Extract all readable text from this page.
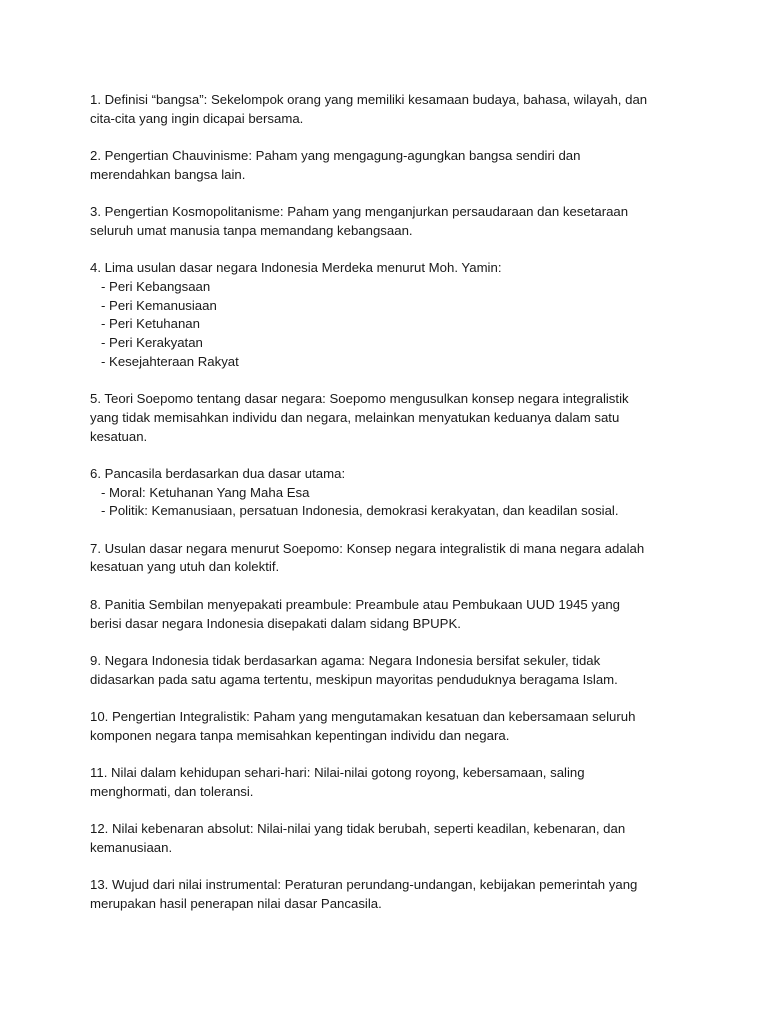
1. Definisi “bangsa”: Sekelompok orang yang memiliki kesamaan budaya, bahasa, wilayah, dan
cita-cita yang ingin dicapai bersama.
2. Pengertian Chauvinisme: Paham yang mengagung-agungkan bangsa sendiri dan
merendahkan bangsa lain.
3. Pengertian Kosmopolitanisme: Paham yang menganjurkan persaudaraan dan kesetaraan
seluruh umat manusia tanpa memandang kebangsaan.
4. Lima usulan dasar negara Indonesia Merdeka menurut Moh. Yamin:
- Peri Kebangsaan
- Peri Kemanusiaan
- Peri Ketuhanan
- Peri Kerakyatan
- Kesejahteraan Rakyat
5. Teori Soepomo tentang dasar negara: Soepomo mengusulkan konsep negara integralistik
yang tidak memisahkan individu dan negara, melainkan menyatukan keduanya dalam satu
kesatuan.
6. Pancasila berdasarkan dua dasar utama:
- Moral: Ketuhanan Yang Maha Esa
- Politik: Kemanusiaan, persatuan Indonesia, demokrasi kerakyatan, dan keadilan sosial.
7. Usulan dasar negara menurut Soepomo: Konsep negara integralistik di mana negara adalah
kesatuan yang utuh dan kolektif.
8. Panitia Sembilan menyepakati preambule: Preambule atau Pembukaan UUD 1945 yang
berisi dasar negara Indonesia disepakati dalam sidang BPUPK.
9. Negara Indonesia tidak berdasarkan agama: Negara Indonesia bersifat sekuler, tidak
didasarkan pada satu agama tertentu, meskipun mayoritas penduduknya beragama Islam.
10. Pengertian Integralistik: Paham yang mengutamakan kesatuan dan kebersamaan seluruh
komponen negara tanpa memisahkan kepentingan individu dan negara.
11. Nilai dalam kehidupan sehari-hari: Nilai-nilai gotong royong, kebersamaan, saling
menghormati, dan toleransi.
12. Nilai kebenaran absolut: Nilai-nilai yang tidak berubah, seperti keadilan, kebenaran, dan
kemanusiaan.
13. Wujud dari nilai instrumental: Peraturan perundang-undangan, kebijakan pemerintah yang
merupakan hasil penerapan nilai dasar Pancasila.
